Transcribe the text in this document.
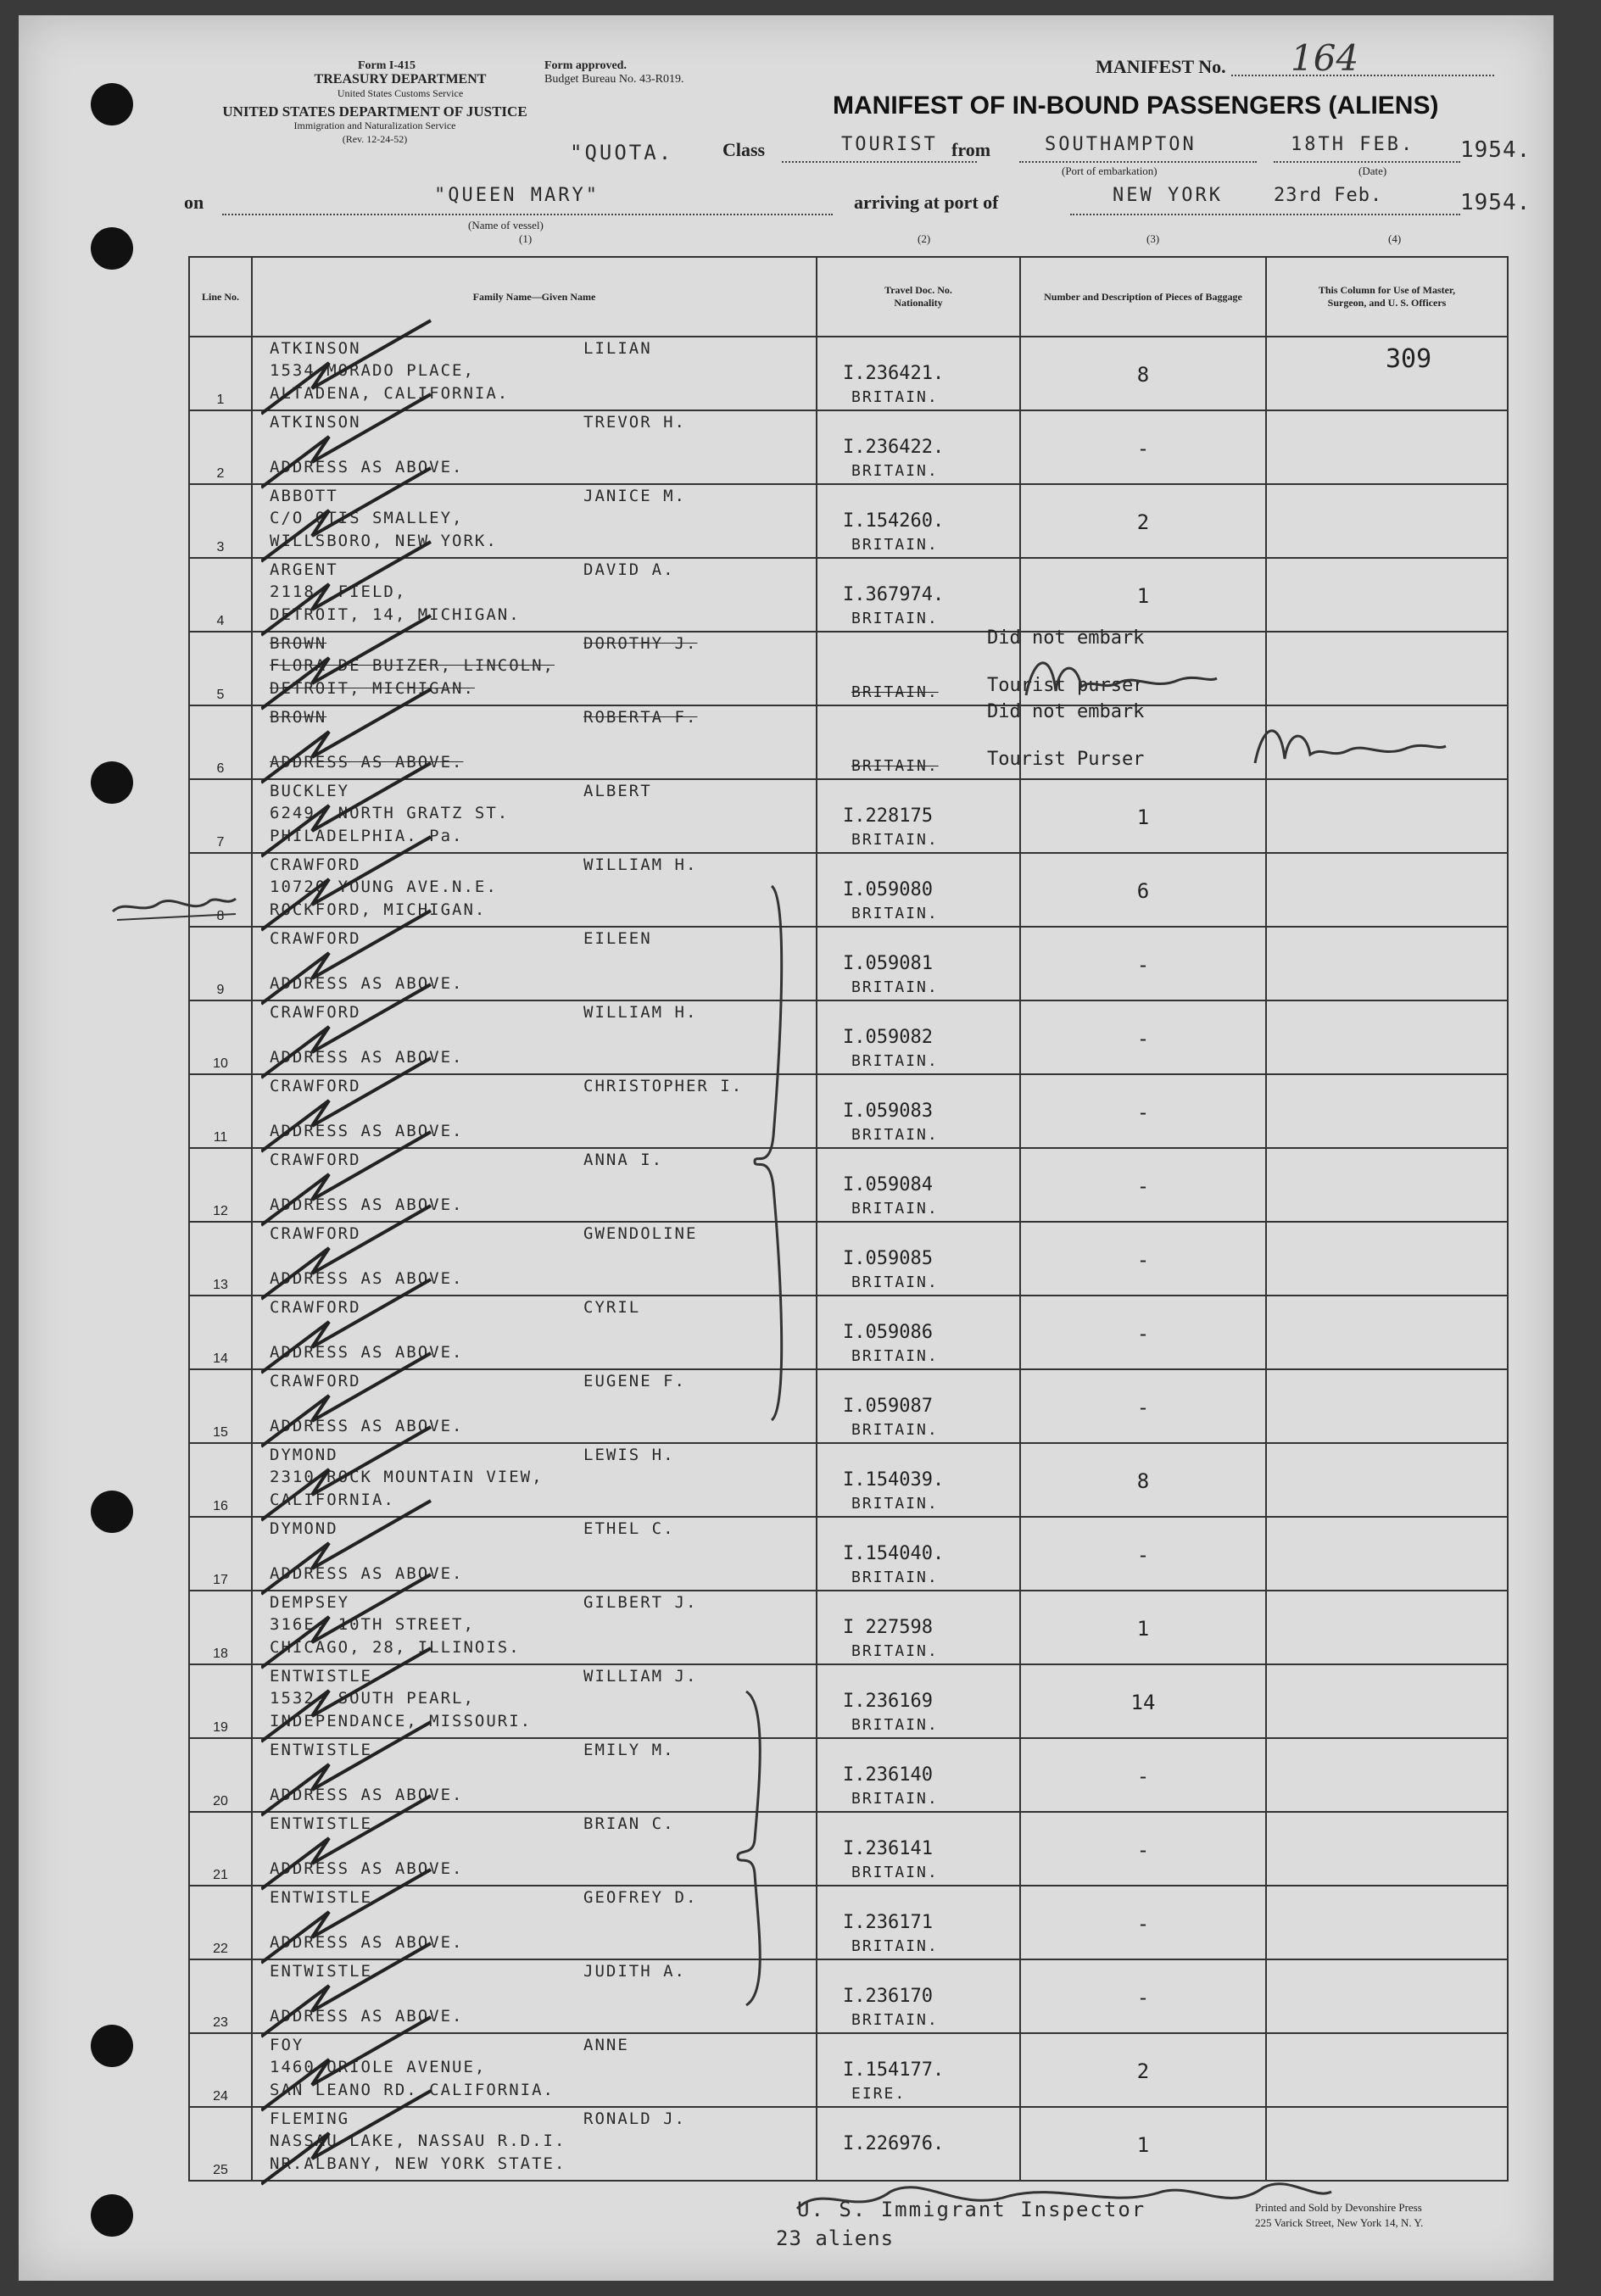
Form I-415
TREASURY DEPARTMENT
United States Customs Service
UNITED STATES DEPARTMENT OF JUSTICE
Immigration and Naturalization Service
(Rev. 12-24-52)
Form approved.
Budget Bureau No. 43-R019.
MANIFEST No. 164
MANIFEST OF IN-BOUND PASSENGERS (ALIENS)
"QUOTA.	Class	TOURIST from	SOUTHAMPTON
(Port of embarkation)
18TH FEB.
(Date)
1954.
on	"QUEEN MARY"
(Name of vessel)
(1)
arriving at port of	NEW YORK	23rd Feb.	1954.
(2)	(3)	(4)
Line No.	Family Name—Given Name	Travel Doc. No. Nationality	Number and Description of Pieces of Baggage	This Column for Use of Master, Surgeon, and U. S. Officers

1	ATKINSON LILIAN
1534 MORADO PLACE,
ALTADENA, CALIFORNIA.	I.236421.
BRITAIN.	8	309

2	ATKINSON TREVOR H.
ADDRESS AS ABOVE.	I.236422.
BRITAIN.	-	

3	ABBOTT JANICE M.
C/O OTIS SMALLEY,
WILLSBORO, NEW YORK.	I.154260.
BRITAIN.	2	

4	ARGENT DAVID A.
2118, FIELD,
DETROIT, 14, MICHIGAN.	I.367974.
BRITAIN.	1	

5	BROWN DOROTHY J.
FLORA DE BUIZER, LINCOLN,
DETROIT, MICHIGAN.	BRITAIN.
Did not embark
Tourist purser		

6	BROWN ROBERTA F.
ADDRESS AS ABOVE.	BRITAIN.
Did not embark
Tourist Purser		

7	BUCKLEY ALBERT
6249, NORTH GRATZ ST.
PHILADELPHIA. Pa.	I.228175
BRITAIN.	1	

8	CRAWFORD WILLIAM H.
10720 YOUNG AVE.N.E.
ROCKFORD, MICHIGAN.	I.059080
BRITAIN.	6	

9	CRAWFORD EILEEN
ADDRESS AS ABOVE.	I.059081
BRITAIN.	-	

10	CRAWFORD WILLIAM H.
ADDRESS AS ABOVE.	I.059082
BRITAIN.	-	

11	CRAWFORD CHRISTOPHER I.
ADDRESS AS ABOVE.	I.059083
BRITAIN.	-	

12	CRAWFORD ANNA I.
ADDRESS AS ABOVE.	I.059084
BRITAIN.	-	

13	CRAWFORD GWENDOLINE
ADDRESS AS ABOVE.	I.059085
BRITAIN.	-	

14	CRAWFORD CYRIL
ADDRESS AS ABOVE.	I.059086
BRITAIN.	-	

15	CRAWFORD EUGENE F.
ADDRESS AS ABOVE.	I.059087
BRITAIN.	-	

16	DYMOND LEWIS H.
2310 ROCK MOUNTAIN VIEW,
CALIFORNIA.	I.154039.
BRITAIN.	8	

17	DYMOND ETHEL C.
ADDRESS AS ABOVE.	I.154040.
BRITAIN.	-	

18	DEMPSEY GILBERT J.
316E, 10TH STREET,
CHICAGO, 28, ILLINOIS.	I 227598
BRITAIN.	1	

19	ENTWISTLE WILLIAM J.
1532, SOUTH PEARL,
INDEPENDANCE, MISSOURI.	I.236169
BRITAIN.	14	

20	ENTWISTLE EMILY M.
ADDRESS AS ABOVE.	I.236140
BRITAIN.	-	

21	ENTWISTLE BRIAN C.
ADDRESS AS ABOVE.	I.236141
BRITAIN.	-	

22	ENTWISTLE GEOFREY D.
ADDRESS AS ABOVE.	I.236171
BRITAIN.	-	

23	ENTWISTLE JUDITH A.
ADDRESS AS ABOVE.	I.236170
BRITAIN.	-	

24	FOY ANNE
1460 ORIOLE AVENUE,
SAN LEANO RD. CALIFORNIA.	I.154177.
EIRE.	2	

25	FLEMING RONALD J.
NASSAU LAKE, NASSAU R.D.I.
NR.ALBANY, NEW YORK STATE.	I.226976.	1	

U. S. Immigrant Inspector
23 aliens
Printed and Sold by Devonshire Press
225 Varick Street, New York 14, N. Y.
